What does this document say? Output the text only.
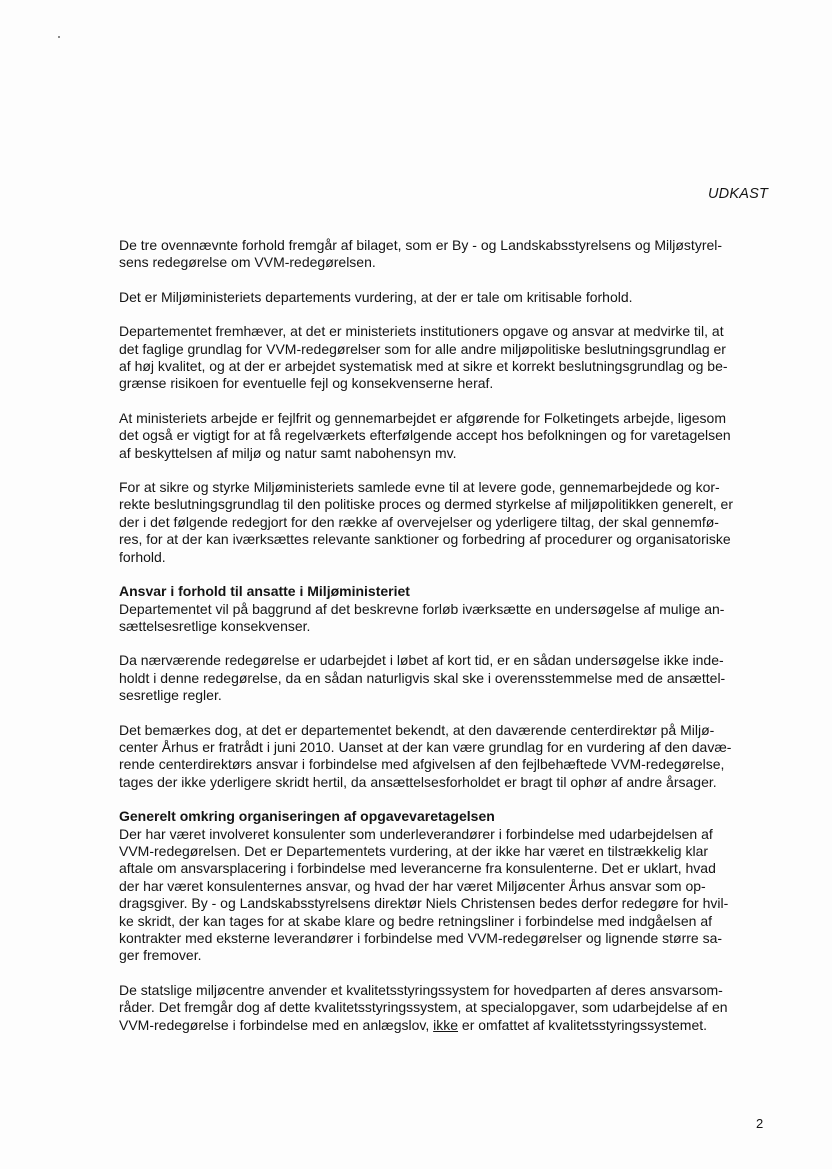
UDKAST
De tre ovennævnte forhold fremgår af bilaget, som er By - og Landskabsstyrelsens og Miljøstyrel-
sens redegørelse om VVM-redegørelsen.
Det er Miljøministeriets departements vurdering, at der er tale om kritisable forhold.
Departementet fremhæver, at det er ministeriets institutioners opgave og ansvar at medvirke til, at
det faglige grundlag for VVM-redegørelser som for alle andre miljøpolitiske beslutningsgrundlag er
af høj kvalitet, og at der er arbejdet systematisk med at sikre et korrekt beslutningsgrundlag og be-
grænse risikoen for eventuelle fejl og konsekvenserne heraf.
At ministeriets arbejde er fejlfrit og gennemarbejdet er afgørende for Folketingets arbejde, ligesom
det også er vigtigt for at få regelværkets efterfølgende accept hos befolkningen og for varetagelsen
af beskyttelsen af miljø og natur samt nabohensyn mv.
For at sikre og styrke Miljøministeriets samlede evne til at levere gode, gennemarbejdede og kor-
rekte beslutningsgrundlag til den politiske proces og dermed styrkelse af miljøpolitikken generelt, er
der i det følgende redegjort for den række af overvejelser og yderligere tiltag, der skal gennemfø-
res, for at der kan iværksættes relevante sanktioner og forbedring af procedurer og organisatoriske
forhold.
Ansvar i forhold til ansatte i Miljøministeriet
Departementet vil på baggrund af det beskrevne forløb iværksætte en undersøgelse af mulige an-
sættelsesretlige konsekvenser.
Da nærværende redegørelse er udarbejdet i løbet af kort tid, er en sådan undersøgelse ikke inde-
holdt i denne redegørelse, da en sådan naturligvis skal ske i overensstemmelse med de ansættel-
sesretlige regler.
Det bemærkes dog, at det er departementet bekendt, at den daværende centerdirektør på Miljø-
center Århus er fratrådt i juni 2010. Uanset at der kan være grundlag for en vurdering af den davæ-
rende centerdirektørs ansvar i forbindelse med afgivelsen af den fejlbehæftede VVM-redegørelse,
tages der ikke yderligere skridt hertil, da ansættelsesforholdet er bragt til ophør af andre årsager.
Generelt omkring organiseringen af opgavevaretagelsen
Der har været involveret konsulenter som underleverandører i forbindelse med udarbejdelsen af
VVM-redegørelsen. Det er Departementets vurdering, at der ikke har været en tilstrækkelig klar
aftale om ansvarsplacering i forbindelse med leverancerne fra konsulenterne. Det er uklart, hvad
der har været konsulenternes ansvar, og hvad der har været Miljøcenter Århus ansvar som op-
dragsgiver. By - og Landskabsstyrelsens direktør Niels Christensen bedes derfor redegøre for hvil-
ke skridt, der kan tages for at skabe klare og bedre retningsliner i forbindelse med indgåelsen af
kontrakter med eksterne leverandører i forbindelse med VVM-redegørelser og lignende større sa-
ger fremover.
De statslige miljøcentre anvender et kvalitetsstyringssystem for hovedparten af deres ansvarsom-
råder. Det fremgår dog af dette kvalitetsstyringssystem, at specialopgaver, som udarbejdelse af en
VVM-redegørelse i forbindelse med en anlægslov, ikke er omfattet af kvalitetsstyringssystemet.
2
